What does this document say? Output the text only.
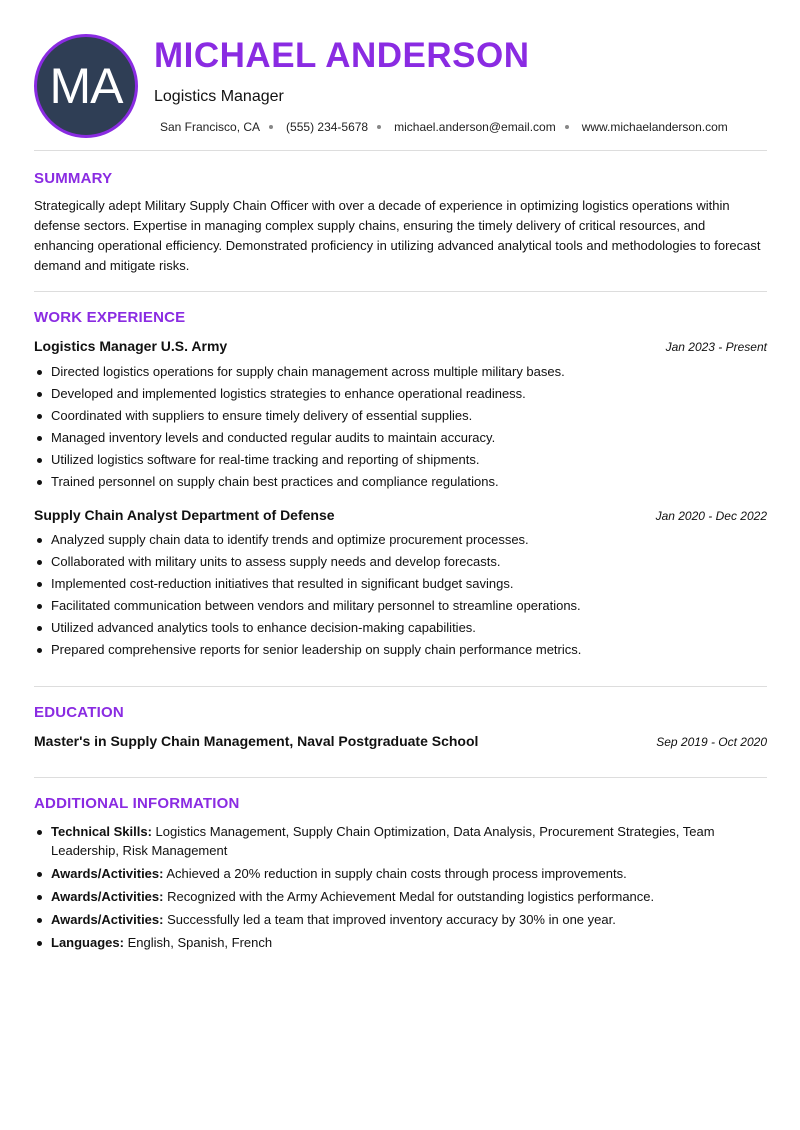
MA
MICHAEL ANDERSON
Logistics Manager
San Francisco, CA (555) 234-5678 michael.anderson@email.com www.michaelanderson.com
SUMMARY
Strategically adept Military Supply Chain Officer with over a decade of experience in optimizing logistics operations within defense sectors. Expertise in managing complex supply chains, ensuring the timely delivery of critical resources, and enhancing operational efficiency. Demonstrated proficiency in utilizing advanced analytical tools and methodologies to forecast demand and mitigate risks.
WORK EXPERIENCE
Logistics Manager U.S. Army	Jan 2023 - Present
Directed logistics operations for supply chain management across multiple military bases.
Developed and implemented logistics strategies to enhance operational readiness.
Coordinated with suppliers to ensure timely delivery of essential supplies.
Managed inventory levels and conducted regular audits to maintain accuracy.
Utilized logistics software for real-time tracking and reporting of shipments.
Trained personnel on supply chain best practices and compliance regulations.
Supply Chain Analyst Department of Defense	Jan 2020 - Dec 2022
Analyzed supply chain data to identify trends and optimize procurement processes.
Collaborated with military units to assess supply needs and develop forecasts.
Implemented cost-reduction initiatives that resulted in significant budget savings.
Facilitated communication between vendors and military personnel to streamline operations.
Utilized advanced analytics tools to enhance decision-making capabilities.
Prepared comprehensive reports for senior leadership on supply chain performance metrics.
EDUCATION
Master's in Supply Chain Management, Naval Postgraduate School	Sep 2019 - Oct 2020
ADDITIONAL INFORMATION
Technical Skills: Logistics Management, Supply Chain Optimization, Data Analysis, Procurement Strategies, Team Leadership, Risk Management
Awards/Activities: Achieved a 20% reduction in supply chain costs through process improvements.
Awards/Activities: Recognized with the Army Achievement Medal for outstanding logistics performance.
Awards/Activities: Successfully led a team that improved inventory accuracy by 30% in one year.
Languages: English, Spanish, French
